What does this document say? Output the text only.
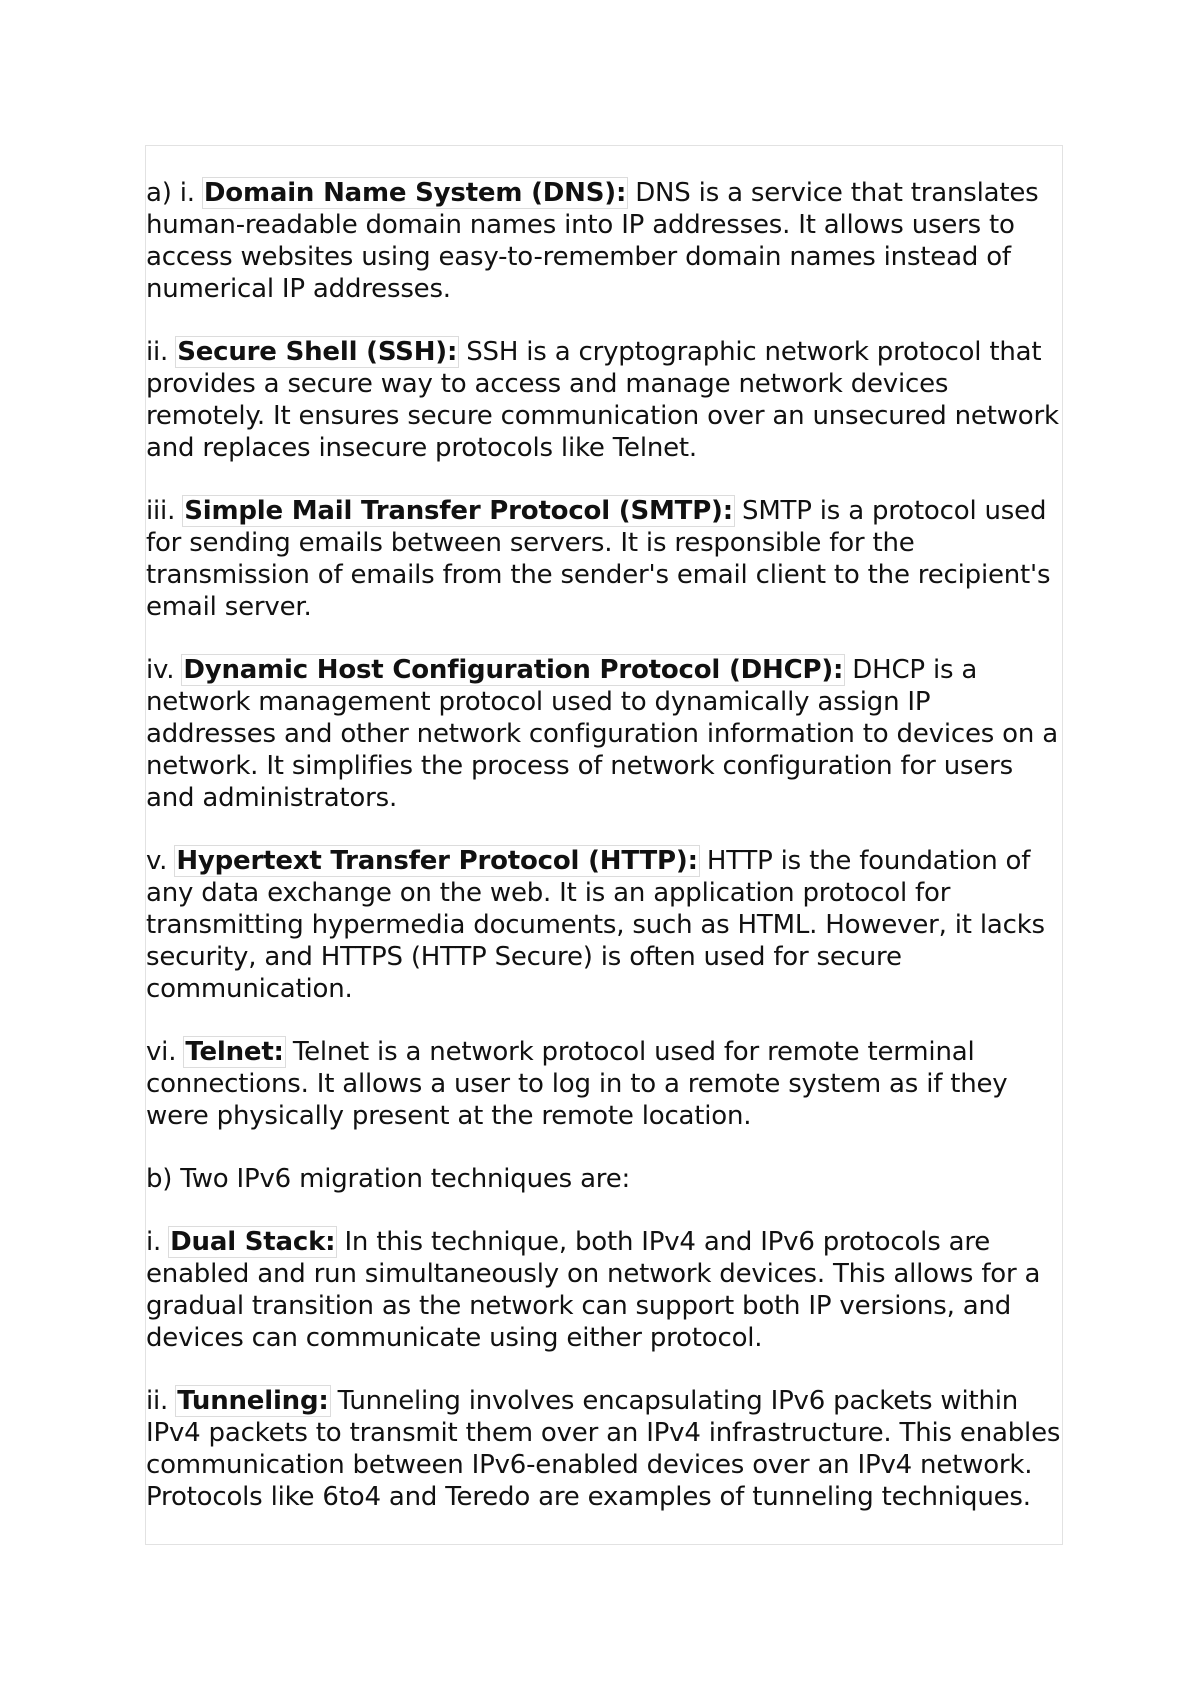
a) i. Domain Name System (DNS): DNS is a service that translates human-readable domain names into IP addresses. It allows users to access websites using easy-to-remember domain names instead of numerical IP addresses.

ii. Secure Shell (SSH): SSH is a cryptographic network protocol that provides a secure way to access and manage network devices remotely. It ensures secure communication over an unsecured network and replaces insecure protocols like Telnet.

iii. Simple Mail Transfer Protocol (SMTP): SMTP is a protocol used for sending emails between servers. It is responsible for the transmission of emails from the sender's email client to the recipient's email server.

iv. Dynamic Host Configuration Protocol (DHCP): DHCP is a network management protocol used to dynamically assign IP addresses and other network configuration information to devices on a network. It simplifies the process of network configuration for users and administrators.

v. Hypertext Transfer Protocol (HTTP): HTTP is the foundation of any data exchange on the web. It is an application protocol for transmitting hypermedia documents, such as HTML. However, it lacks security, and HTTPS (HTTP Secure) is often used for secure communication.

vi. Telnet: Telnet is a network protocol used for remote terminal connections. It allows a user to log in to a remote system as if they were physically present at the remote location.

b) Two IPv6 migration techniques are:

i. Dual Stack: In this technique, both IPv4 and IPv6 protocols are enabled and run simultaneously on network devices. This allows for a gradual transition as the network can support both IP versions, and devices can communicate using either protocol.

ii. Tunneling: Tunneling involves encapsulating IPv6 packets within IPv4 packets to transmit them over an IPv4 infrastructure. This enables communication between IPv6-enabled devices over an IPv4 network. Protocols like 6to4 and Teredo are examples of tunneling techniques.
